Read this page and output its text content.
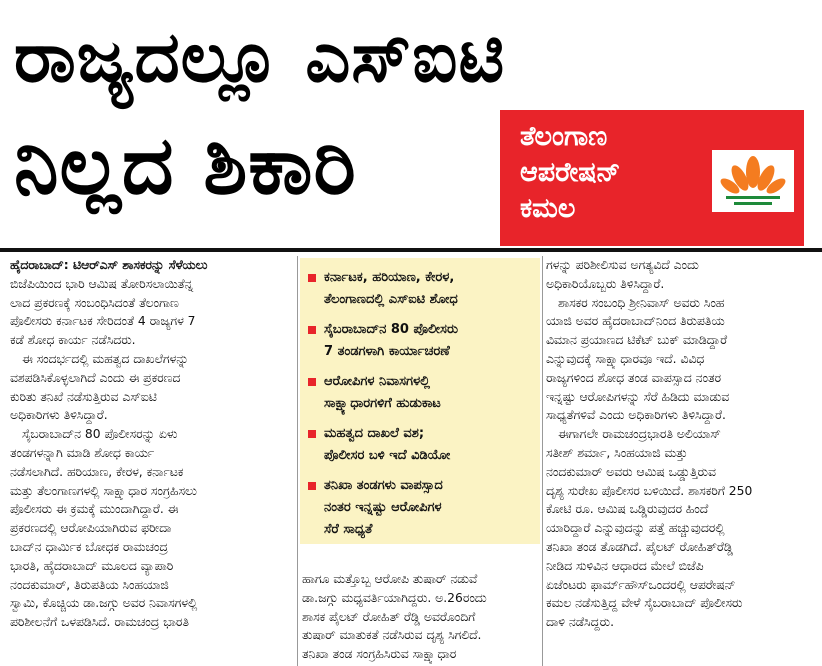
ರಾಜ್ಯದಲ್ಲೂ ಎಸ್‌ಐಟಿ
ನಿಲ್ಲದ ಶಿಕಾರಿ	ತೆಲಂಗಾಣ
ಆಪರೇಷನ್
ಕಮಲ

ಹೈದರಾಬಾದ್: ಟಿಆರ್‌ಎಸ್ ಶಾಸಕರನ್ನು ಸೆಳೆಯಲು

ಬಿಜೆಪಿಯಿಂದ ಭಾರಿ ಆಮಿಷ ತೋರಿಸಲಾಯಿತೆನ್ನ

ಲಾದ ಪ್ರಕರಣಕ್ಕೆ ಸಂಬಂಧಿಸಿದಂತೆ ತೆಲಂಗಾಣ

ಪೊಲೀಸರು ಕರ್ನಾಟಕ ಸೇರಿದಂತೆ 4 ರಾಜ್ಯಗಳ 7

ಕಡೆ ಶೋಧ ಕಾರ್ಯ ನಡೆಸಿದರು.

ಈ ಸಂದರ್ಭದಲ್ಲಿ ಮಹತ್ವದ ದಾಖಲೆಗಳನ್ನು

ವಶಪಡಿಸಿಕೊಳ್ಳಲಾಗಿದೆ ಎಂದು ಈ ಪ್ರಕರಣದ

ಕುರಿತು ತನಿಖೆ ನಡೆಸುತ್ತಿರುವ ಎಸ್‌ಐಟಿ

ಅಧಿಕಾರಿಗಳು ತಿಳಿಸಿದ್ದಾರೆ.

ಸೈಬರಾಬಾದ್‌ನ 80 ಪೊಲೀಸರನ್ನು ಏಳು

ತಂಡಗಳನ್ನಾಗಿ ಮಾಡಿ ಶೋಧ ಕಾರ್ಯ

ನಡೆಸಲಾಗಿದೆ. ಹರಿಯಾಣ, ಕೇರಳ, ಕರ್ನಾಟಕ

ಮತ್ತು ತೆಲಂಗಾಣಗಳಲ್ಲಿ ಸಾಕ್ಷ್ಯಾಧಾರ ಸಂಗ್ರಹಿಸಲು

ಪೊಲೀಸರು ಈ ಕ್ರಮಕ್ಕೆ ಮುಂದಾಗಿದ್ದಾರೆ. ಈ

ಪ್ರಕರಣದಲ್ಲಿ ಆರೋಪಿಯಾಗಿರುವ ಫರೀದಾ

ಬಾದ್‌ನ ಧಾರ್ಮಿಕ ಬೋಧಕ ರಾಮಚಂದ್ರ

ಭಾರತಿ, ಹೈದರಾಬಾದ್ ಮೂಲದ ವ್ಯಾಪಾರಿ

ನಂದಕುಮಾರ್, ತಿರುಪತಿಯ ಸಿಂಹಯಾಜಿ

ಸ್ವಾಮಿ, ಕೊಚ್ಚಿಯ ಡಾ.ಜಗ್ಗು ಅವರ ನಿವಾಸಗಳಲ್ಲಿ

ಪರಿಶೀಲನೆಗೆ ಒಳಪಡಿಸಿದೆ. ರಾಮಚಂದ್ರ ಭಾರತಿ

ಕರ್ನಾಟಕ, ಹರಿಯಾಣ, ಕೇರಳ,
ತೆಲಂಗಾಣದಲ್ಲಿ ಎಸ್‌ಐಟಿ ಶೋಧ
ಸೈಬರಾಬಾದ್‌ನ 80 ಪೊಲೀಸರು
7 ತಂಡಗಳಾಗಿ ಕಾರ್ಯಾಚರಣೆ
ಆರೋಪಿಗಳ ನಿವಾಸಗಳಲ್ಲಿ
ಸಾಕ್ಷ್ಯಾಧಾರಗಳಿಗೆ ಹುಡುಕಾಟ
ಮಹತ್ವದ ದಾಖಲೆ ವಶ;
ಪೊಲೀಸರ ಬಳಿ ಇದೆ ವಿಡಿಯೋ
ತನಿಖಾ ತಂಡಗಳು ವಾಪಸ್ಸಾದ
ನಂತರ ಇನ್ನಷ್ಟು ಆರೋಪಿಗಳ
ಸೆರೆ ಸಾಧ್ಯತೆ

ಹಾಗೂ ಮತ್ತೊಬ್ಬ ಆರೋಪಿ ತುಷಾರ್ ನಡುವೆ

ಡಾ.ಜಗ್ಗು ಮಧ್ಯವರ್ತಿಯಾಗಿದ್ದರು. ಅ.26ರಂದು

ಶಾಸಕ ಪೈಲಟ್ ರೋಹಿತ್ ರೆಡ್ಡಿ ಅವರೊಂದಿಗೆ

ತುಷಾರ್ ಮಾತುಕತೆ ನಡೆಸಿರುವ ದೃಶ್ಯ ಸಿಗಲಿದೆ.

ತನಿಖಾ ತಂಡ ಸಂಗ್ರಹಿಸಿರುವ ಸಾಕ್ಷ್ಯಾಧಾರ

ಗಳನ್ನು ಪರಿಶೀಲಿಸುವ ಅಗತ್ಯವಿದೆ ಎಂದು

ಅಧಿಕಾರಿಯೊಬ್ಬರು ತಿಳಿಸಿದ್ದಾರೆ.

ಶಾಸಕರ ಸಂಬಂಧಿ ಶ್ರೀನಿವಾಸ್ ಅವರು ಸಿಂಹ

ಯಾಜಿ ಅವರ ಹೈದರಾಬಾದ್‌ನಿಂದ ತಿರುಪತಿಯ

ವಿಮಾನ ಪ್ರಯಾಣದ ಟಿಕೆಟ್ ಬುಕ್ ಮಾಡಿದ್ದಾರೆ

ಎನ್ನುವುದಕ್ಕೆ ಸಾಕ್ಷ್ಯಾಧಾರವೂ ಇದೆ. ವಿವಿಧ

ರಾಜ್ಯಗಳಿಂದ ಶೋಧ ತಂಡ ವಾಪಸ್ಸಾದ ನಂತರ

ಇನ್ನಷ್ಟು ಆರೋಪಿಗಳನ್ನು ಸೆರೆ ಹಿಡಿದು ಮಾಡುವ

ಸಾಧ್ಯತೆಗಳಿವೆ ಎಂದು ಅಧಿಕಾರಿಗಳು ತಿಳಿಸಿದ್ದಾರೆ.

ಈಗಾಗಲೇ ರಾಮಚಂದ್ರಭಾರತಿ ಅಲಿಯಾಸ್

ಸತೀಶ್ ಶರ್ಮಾ, ಸಿಂಹಯಾಜಿ ಮತ್ತು

ನಂದಕುಮಾರ್ ಅವರು ಆಮಿಷ ಒಡ್ಡುತ್ತಿರುವ

ದೃಶ್ಯ ಸುರೇಖ ಪೊಲೀಸರ ಬಳಿಯಿದೆ. ಶಾಸಕರಿಗೆ 250

ಕೋಟಿ ರೂ. ಆಮಿಷ ಒಡ್ಡಿರುವುದರ ಹಿಂದೆ

ಯಾರಿದ್ದಾರೆ ಎನ್ನುವುದನ್ನು ಪತ್ತೆ ಹಚ್ಚುವುದರಲ್ಲಿ

ತನಿಖಾ ತಂಡ ತೊಡಗಿದೆ. ಪೈಲಟ್ ರೋಹಿತ್‌ರೆಡ್ಡಿ

ನೀಡಿದ ಸುಳಿವಿನ ಆಧಾರದ ಮೇಲೆ ಬಿಜೆಪಿ

ಏಜೆಂಟರು ಫಾರ್ಮ್‌ಹೌಸ್‌ಒಂದರಲ್ಲಿ ಆಪರೇಷನ್

ಕಮಲ ನಡೆಸುತ್ತಿದ್ದ ವೇಳೆ ಸೈಬರಾಬಾದ್ ಪೊಲೀಸರು

ದಾಳಿ ನಡೆಸಿದ್ದರು.
